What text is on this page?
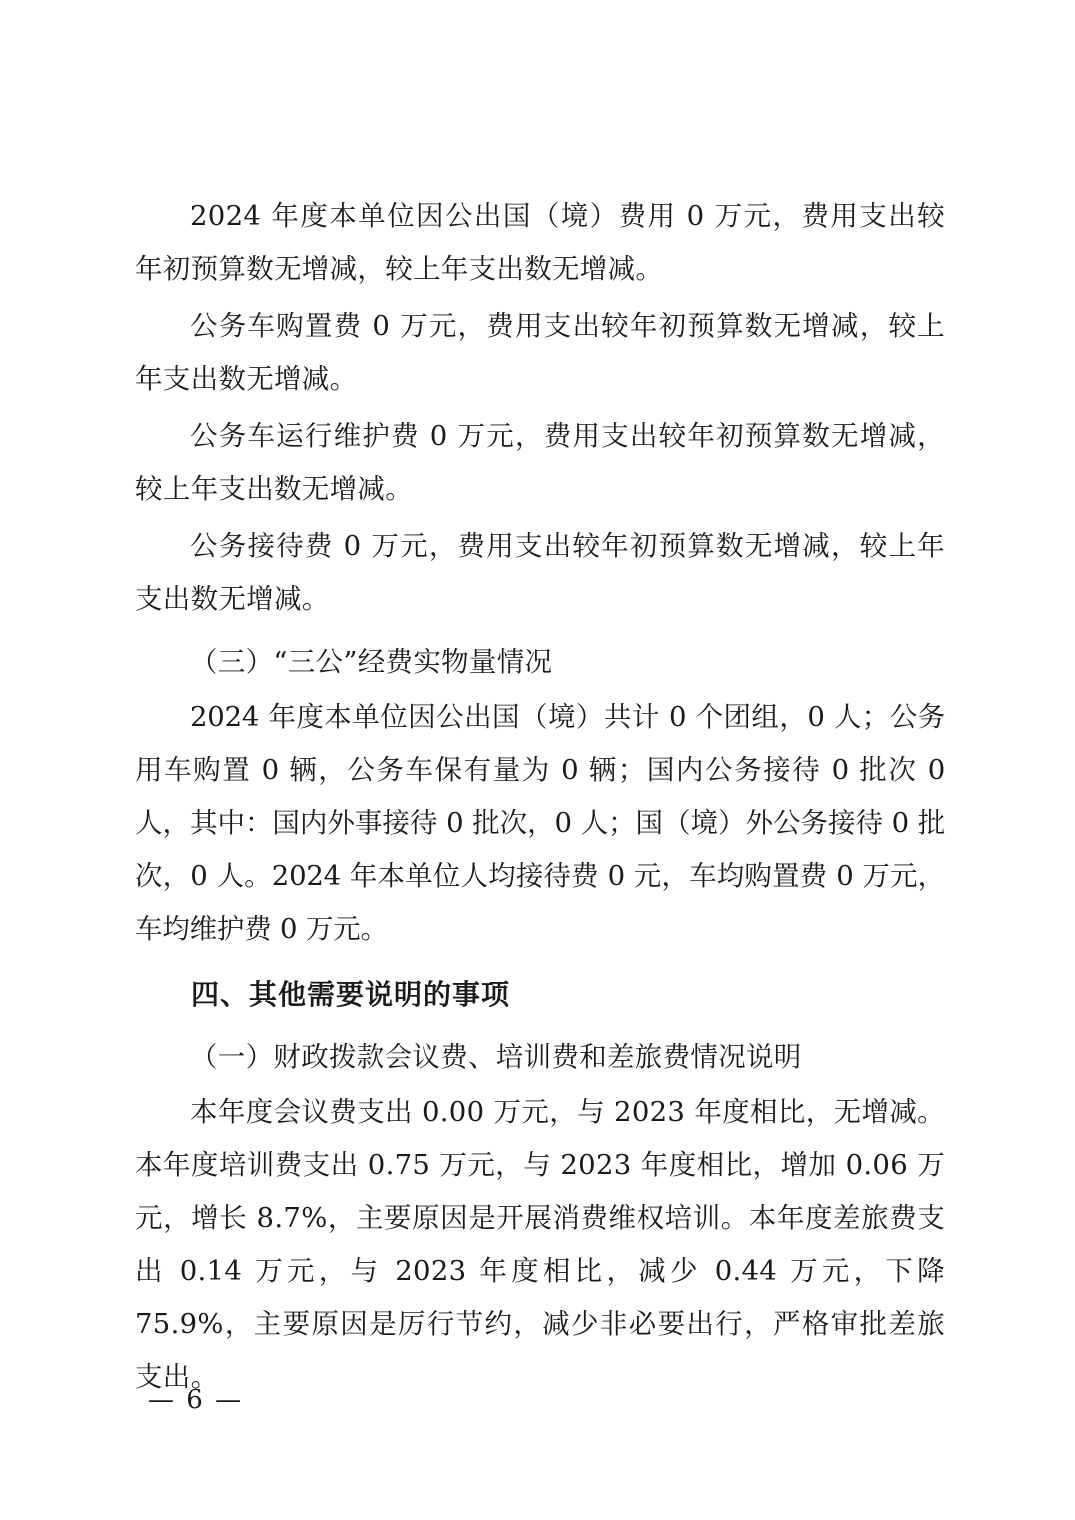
2024 年度本单位因公出国（境）费用 0 万元，费用支出较年初预算数无增减，较上年支出数无增减。

公务车购置费 0 万元，费用支出较年初预算数无增减，较上年支出数无增减。

公务车运行维护费 0 万元，费用支出较年初预算数无增减，较上年支出数无增减。

公务接待费 0 万元，费用支出较年初预算数无增减，较上年支出数无增减。

（三）“三公”经费实物量情况

2024 年度本单位因公出国（境）共计 0 个团组，0 人；公务用车购置 0 辆，公务车保有量为 0 辆；国内公务接待 0 批次 0 人，其中：国内外事接待 0 批次，0 人；国（境）外公务接待 0 批次，0 人。2024 年本单位人均接待费 0 元，车均购置费 0 万元，车均维护费 0 万元。

四、其他需要说明的事项

（一）财政拨款会议费、培训费和差旅费情况说明

本年度会议费支出 0.00 万元，与 2023 年度相比，无增减。本年度培训费支出 0.75 万元，与 2023 年度相比，增加 0.06 万元，增长 8.7%，主要原因是开展消费维权培训。本年度差旅费支出 0.14 万元，与 2023 年度相比，减少 0.44 万元，下降 75.9%，主要原因是厉行节约，减少非必要出行，严格审批差旅支出。

— 6 —
